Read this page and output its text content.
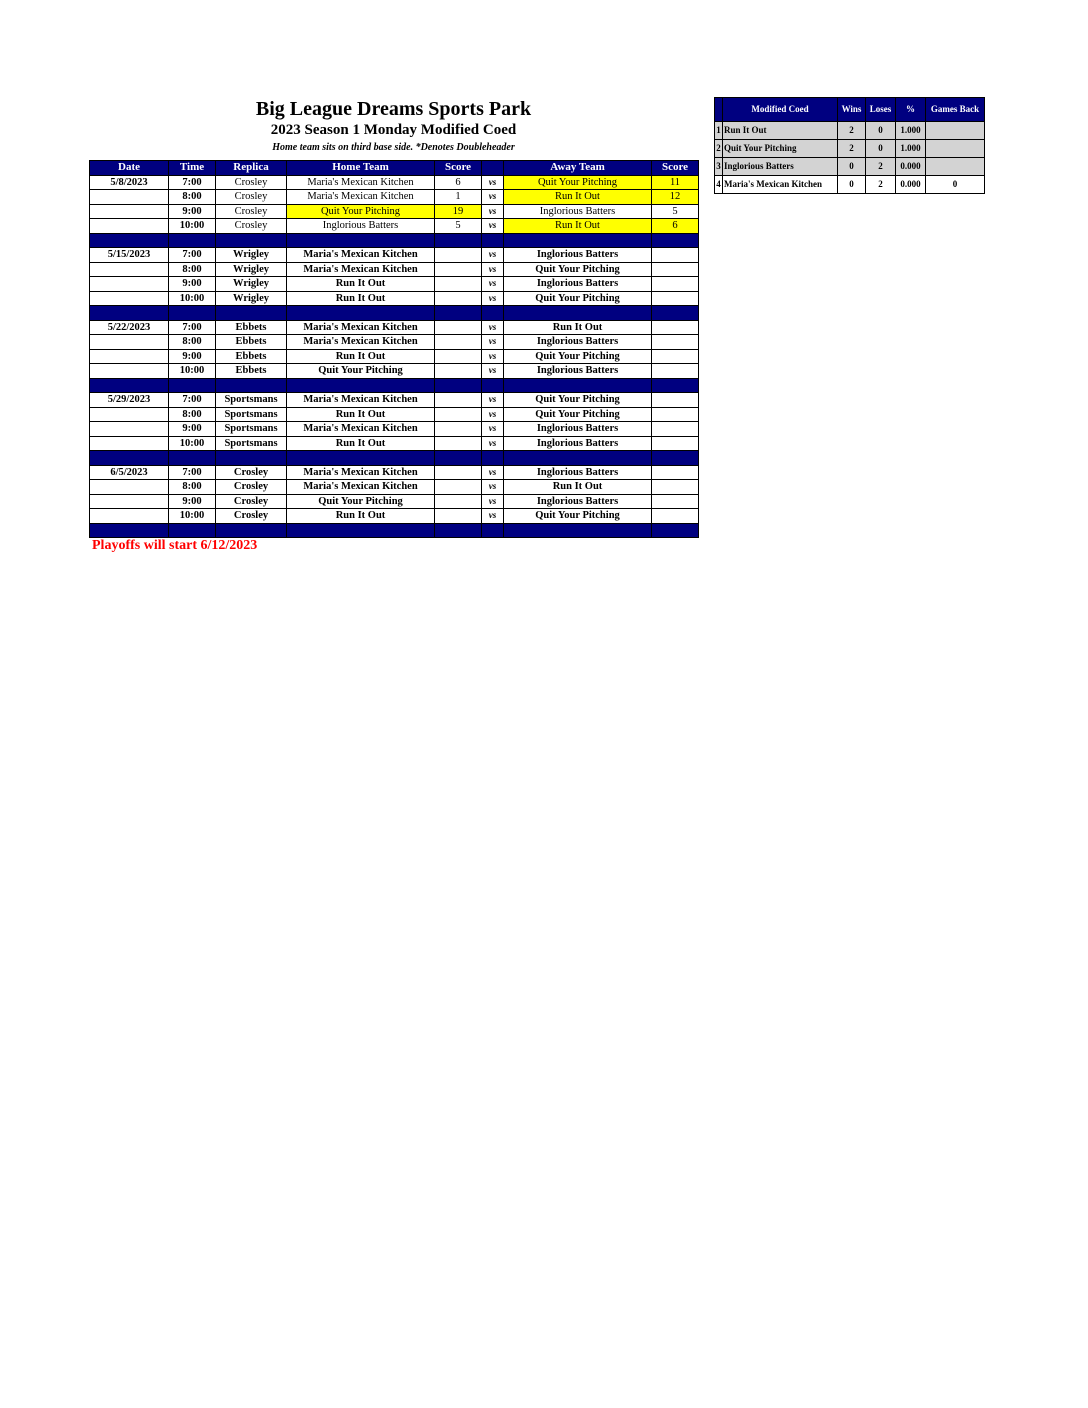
Big League Dreams Sports Park
2023 Season 1 Monday Modified Coed
Home team sits on third base side. *Denotes Doubleheader
Date	Time	Replica	Home Team	Score		Away Team	Score
5/8/2023	7:00	Crosley	Maria's Mexican Kitchen	6	vs	Quit Your Pitching	11
	8:00	Crosley	Maria's Mexican Kitchen	1	vs	Run It Out	12
	9:00	Crosley	Quit Your Pitching	19	vs	Inglorious Batters	5
	10:00	Crosley	Inglorious Batters	5	vs	Run It Out	6

5/15/2023	7:00	Wrigley	Maria's Mexican Kitchen		vs	Inglorious Batters	
	8:00	Wrigley	Maria's Mexican Kitchen		vs	Quit Your Pitching	
	9:00	Wrigley	Run It Out		vs	Inglorious Batters	
	10:00	Wrigley	Run It Out		vs	Quit Your Pitching	

5/22/2023	7:00	Ebbets	Maria's Mexican Kitchen		vs	Run It Out	
	8:00	Ebbets	Maria's Mexican Kitchen		vs	Inglorious Batters	
	9:00	Ebbets	Run It Out		vs	Quit Your Pitching	
	10:00	Ebbets	Quit Your Pitching		vs	Inglorious Batters	

5/29/2023	7:00	Sportsmans	Maria's Mexican Kitchen		vs	Quit Your Pitching	
	8:00	Sportsmans	Run It Out		vs	Quit Your Pitching	
	9:00	Sportsmans	Maria's Mexican Kitchen		vs	Inglorious Batters	
	10:00	Sportsmans	Run It Out		vs	Inglorious Batters	

6/5/2023	7:00	Crosley	Maria's Mexican Kitchen		vs	Inglorious Batters	
	8:00	Crosley	Maria's Mexican Kitchen		vs	Run It Out	
	9:00	Crosley	Quit Your Pitching		vs	Inglorious Batters	
	10:00	Crosley	Run It Out		vs	Quit Your Pitching	

Playoffs will start 6/12/2023
	Modified Coed	Wins	Loses	%	Games Back
1	Run It Out	2	0	1.000	
2	Quit Your Pitching	2	0	1.000	
3	Inglorious Batters	0	2	0.000	
4	Maria's Mexican Kitchen	0	2	0.000	0
